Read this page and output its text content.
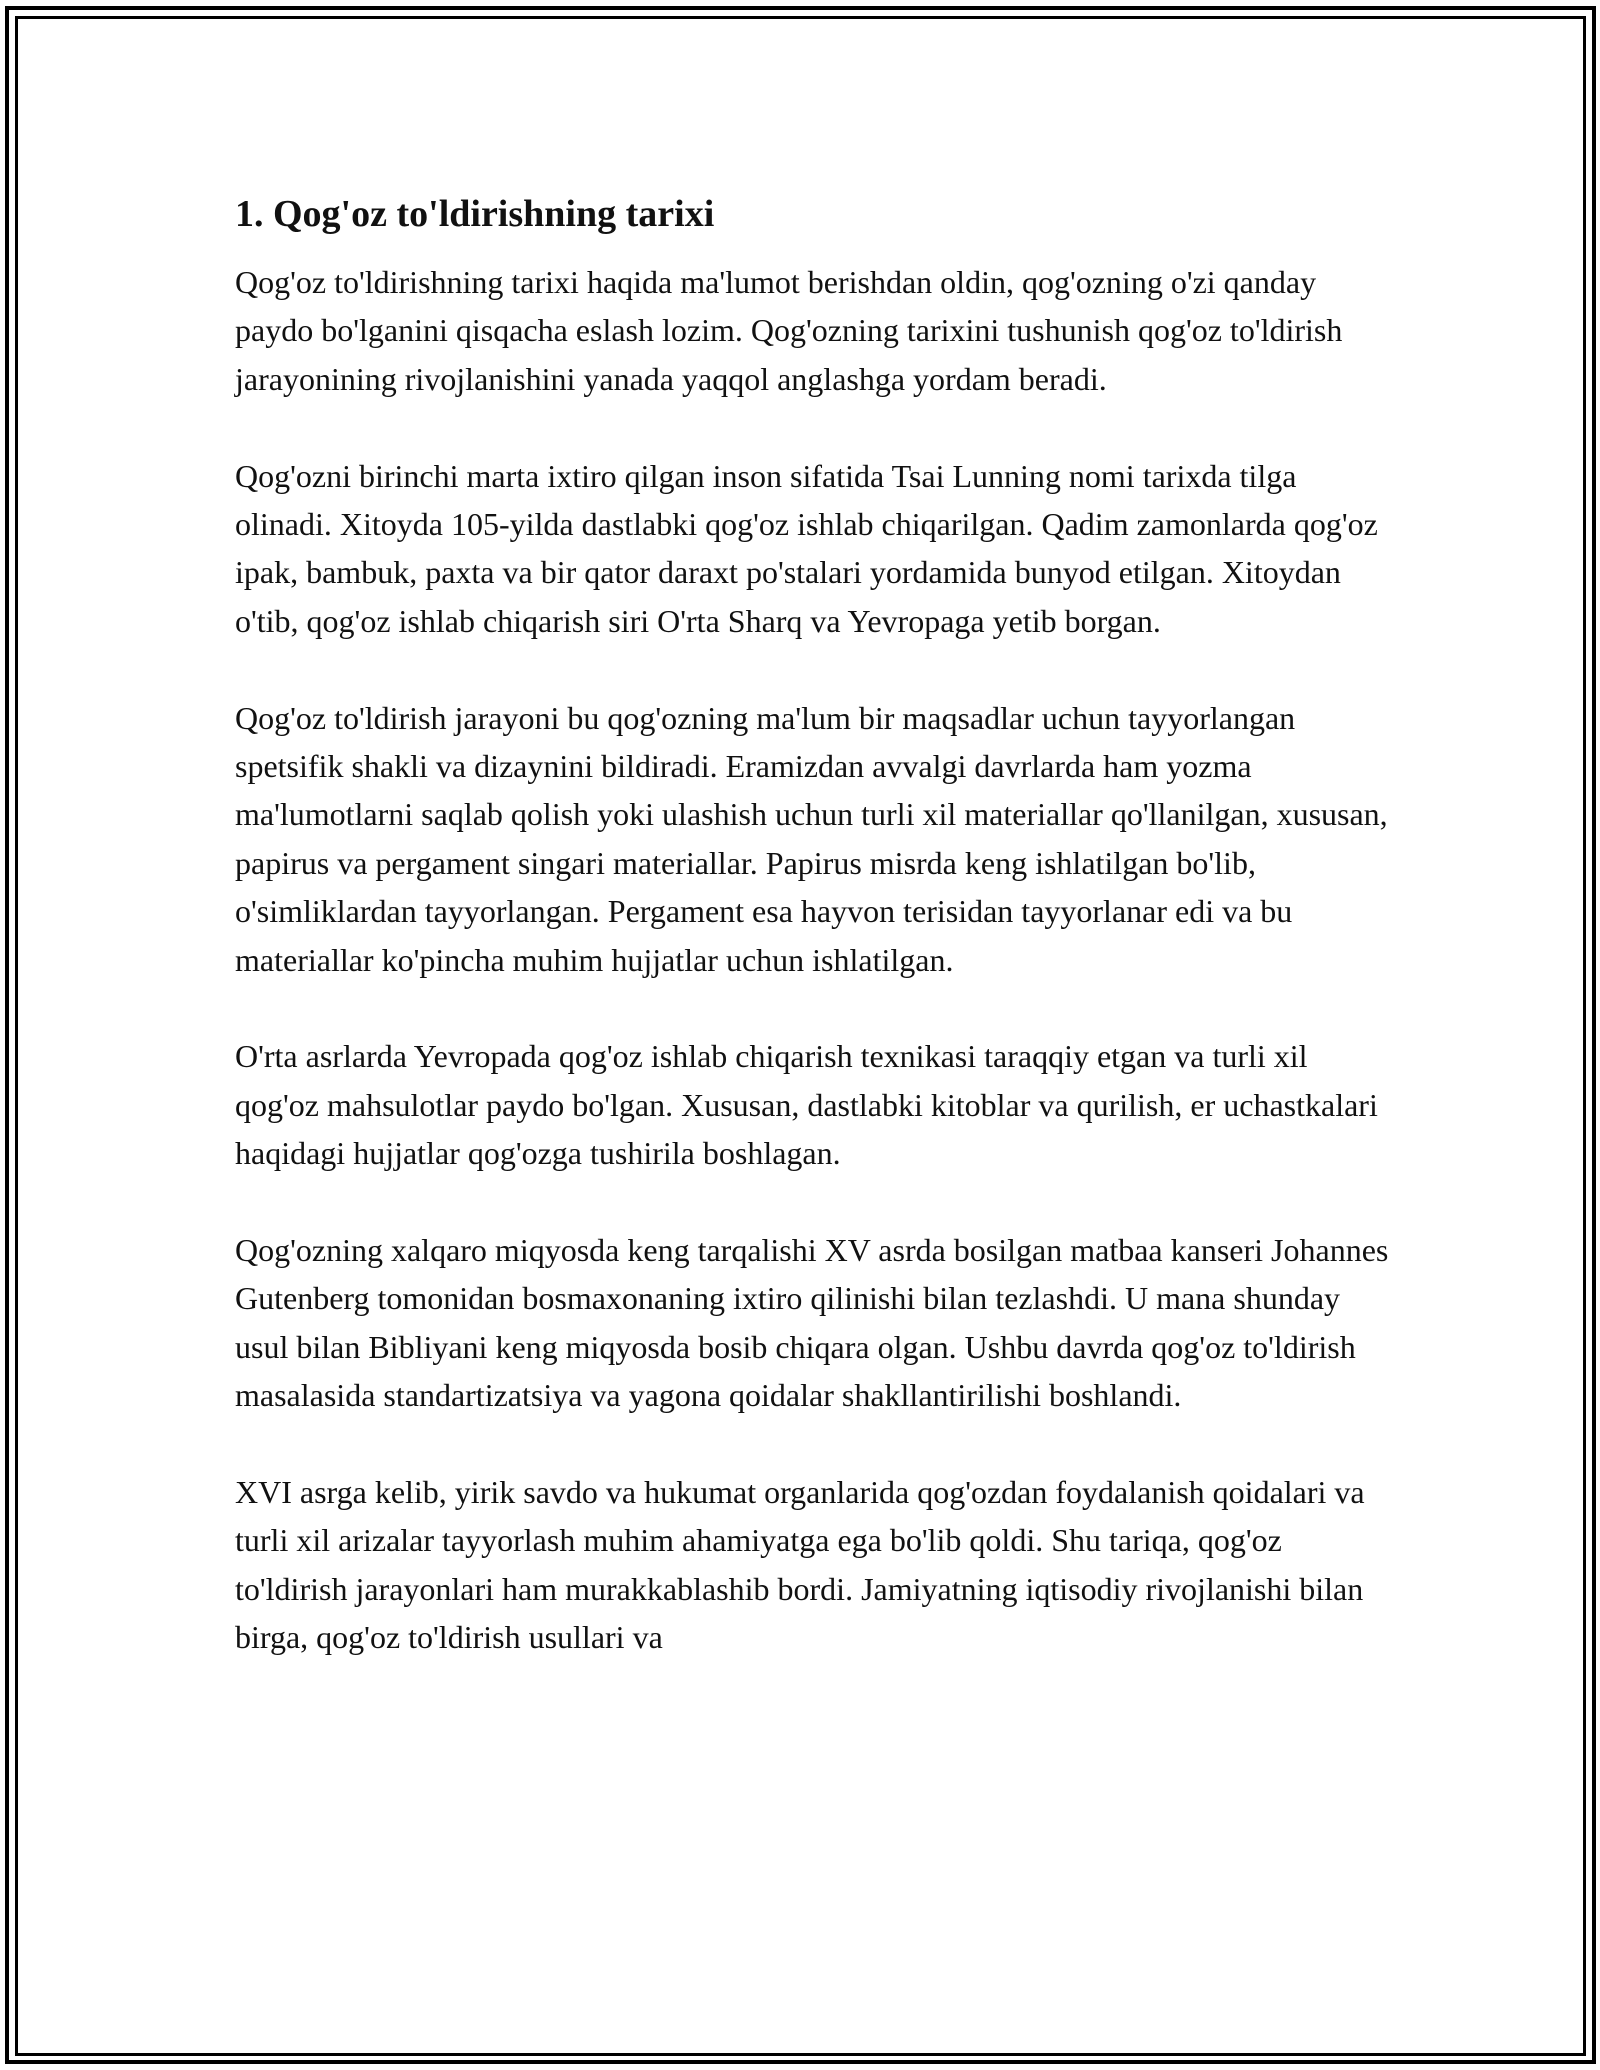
1. Qog'oz to'ldirishning tarixi

Qog'oz to'ldirishning tarixi haqida ma'lumot berishdan oldin, qog'ozning o'zi qanday paydo bo'lganini qisqacha eslash lozim. Qog'ozning tarixini tushunish qog'oz to'ldirish jarayonining rivojlanishini yanada yaqqol anglashga yordam beradi.

Qog'ozni birinchi marta ixtiro qilgan inson sifatida Tsai Lunning nomi tarixda tilga olinadi. Xitoyda 105-yilda dastlabki qog'oz ishlab chiqarilgan. Qadim zamonlarda qog'oz ipak, bambuk, paxta va bir qator daraxt po'stalari yordamida bunyod etilgan. Xitoydan o'tib, qog'oz ishlab chiqarish siri O'rta Sharq va Yevropaga yetib borgan.

Qog'oz to'ldirish jarayoni bu qog'ozning ma'lum bir maqsadlar uchun tayyorlangan spetsifik shakli va dizaynini bildiradi. Eramizdan avvalgi davrlarda ham yozma ma'lumotlarni saqlab qolish yoki ulashish uchun turli xil materiallar qo'llanilgan, xususan, papirus va pergament singari materiallar. Papirus misrda keng ishlatilgan bo'lib, o'simliklardan tayyorlangan. Pergament esa hayvon terisidan tayyorlanar edi va bu materiallar ko'pincha muhim hujjatlar uchun ishlatilgan.

O'rta asrlarda Yevropada qog'oz ishlab chiqarish texnikasi taraqqiy etgan va turli xil qog'oz mahsulotlar paydo bo'lgan. Xususan, dastlabki kitoblar va qurilish, er uchastkalari haqidagi hujjatlar qog'ozga tushirila boshlagan.

Qog'ozning xalqaro miqyosda keng tarqalishi XV asrda bosilgan matbaa kanseri Johannes Gutenberg tomonidan bosmaxonaning ixtiro qilinishi bilan tezlashdi. U mana shunday usul bilan Bibliyani keng miqyosda bosib chiqara olgan. Ushbu davrda qog'oz to'ldirish masalasida standartizatsiya va yagona qoidalar shakllantirilishi boshlandi.

XVI asrga kelib, yirik savdo va hukumat organlarida qog'ozdan foydalanish qoidalari va turli xil arizalar tayyorlash muhim ahamiyatga ega bo'lib qoldi. Shu tariqa, qog'oz to'ldirish jarayonlari ham murakkablashib bordi. Jamiyatning iqtisodiy rivojlanishi bilan birga, qog'oz to'ldirish usullari va
